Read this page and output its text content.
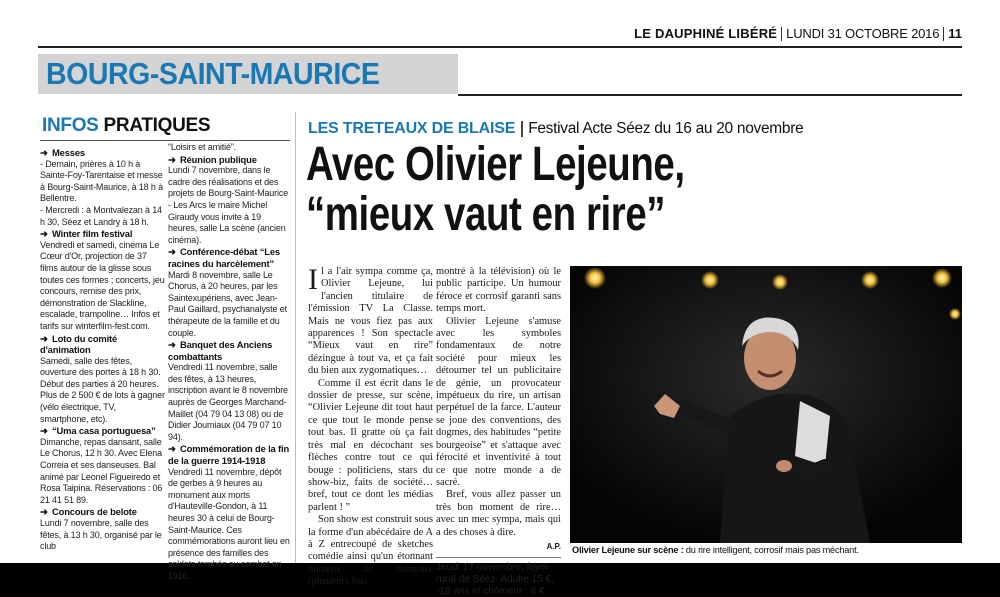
LE DAUPHINÉ LIBÉRÉ LUNDI 31 OCTOBRE 2016 11
BOURG-SAINT-MAURICE
INFOS PRATIQUES
➜ Messes

- Demain, prières à 10 h à Sainte-Foy-Tarentaise et messe à Bourg-Saint-Maurice, à 18 h à Bellentre.
- Mercredi : à Montvalezan à 14 h 30, Séez et Landry à 18 h.

➜ Winter film festival

Vendredi et samedi, cinéma Le Cœur d'Or, projection de 37 films autour de la glisse sous toutes ces formes ; concerts, jeu concours, remise des prix, démonstration de Slackline, escalade, trampoline… Infos et tarifs sur winterfilm-fest.com.

➜ Loto du comité d'animation

Samedi, salle des fêtes, ouverture des portes à 18 h 30. Début des parties à 20 heures. Plus de 2 500 € de lots à gagner (vélo électrique, TV, smartphone, etc).

➜ “Uma casa portuguesa”

Dimanche, repas dansant, salle Le Chorus, 12 h 30. Avec Elena Correia et ses danseuses. Bal animé par Leonel Figueiredo et Rosa Taipina. Réservations : 06 21 41 51 89.

➜ Concours de belote

Lundi 7 novembre, salle des fêtes, à 13 h 30, organisé par le club

“Loisirs et amitié”.

➜ Réunion publique

Lundi 7 novembre, dans le cadre des réalisations et des projets de Bourg-Saint-Maurice - Les Arcs le maire Michel Giraudy vous invite à 19 heures, salle La scène (ancien cinéma).

➜ Conférence-débat “Les racines du harcèlement”

Mardi 8 novembre, salle Le Chorus, à 20 heures, par les Saintexupériens, avec Jean-Paul Gaillard, psychanalyste et thérapeute de la famille et du couple.

➜ Banquet des Anciens combattants

Vendredi 11 novembre, salle des fêtes, à 13 heures, inscription avant le 8 novembre auprès de Georges Marchand-Maillet (04 79 04 13 08) ou de Didier Joumiaux (04 79 07 10 94).

➜ Commémoration de la fin de la guerre 1914-1918

Vendredi 11 novembre, dépôt de gerbes à 9 heures au monument aux morts d'Hauteville-Gondon, à 11 heures 30 à celui de Bourg-Saint-Maurice. Ces commémorations auront lieu en présence des familles des soldats tombés au combat en 1916.

LES TRETEAUX DE BLAISE Festival Acte Séez du 16 au 20 novembre
Avec Olivier Lejeune,
“mieux vaut en rire”

Il a l'air sympa comme ça, Olivier Lejeune, lui l'ancien titulaire de l'émission TV La Classe. Mais ne vous fiez pas aux apparences ! Son spectacle “Mieux vaut en rire” dézingue à tout va, et ça fait du bien aux zygomatiques…

Comme il est écrit dans le dossier de presse, sur scène, “Olivier Lejeune dit tout haut ce que tout le monde pense tout bas. Il gratte où ça fait très mal en décochant ses flèches contre tout ce qui bouge : politiciens, stars du show-biz, faits de société… bref, tout ce dont les médias parlent ! ”

Son show est construit sous la forme d'un abécédaire de A à Z entrecoupé de sketches comédie ainsi qu'un étonnant numéro de mémoire (plusieurs fois

montré à la télévision) où le public participe. Un humour féroce et corrosif garanti sans temps mort.

Olivier Lejeune s'amuse avec les symboles fondamentaux de notre société pour mieux les détourner tel un publicitaire de génie, un provocateur impétueux du rire, un artisan perpétuel de la farce. L'auteur se joue des conventions, des dogmes, des habitudes “petite bourgeoise” et s'attaque avec férocité et inventivité à tout ce que notre monde a de sacré.

Bref, vous allez passer un très bon moment de rire… avec un mec sympa, mais qui a des choses à dire.

A.P.
Jeudi 17 novembre, foyer rural de Séez. Adulte 15 €, -18 ans et chômeur : 8 €.
Olivier Lejeune sur scène : du rire intelligent, corrosif mais pas méchant.
